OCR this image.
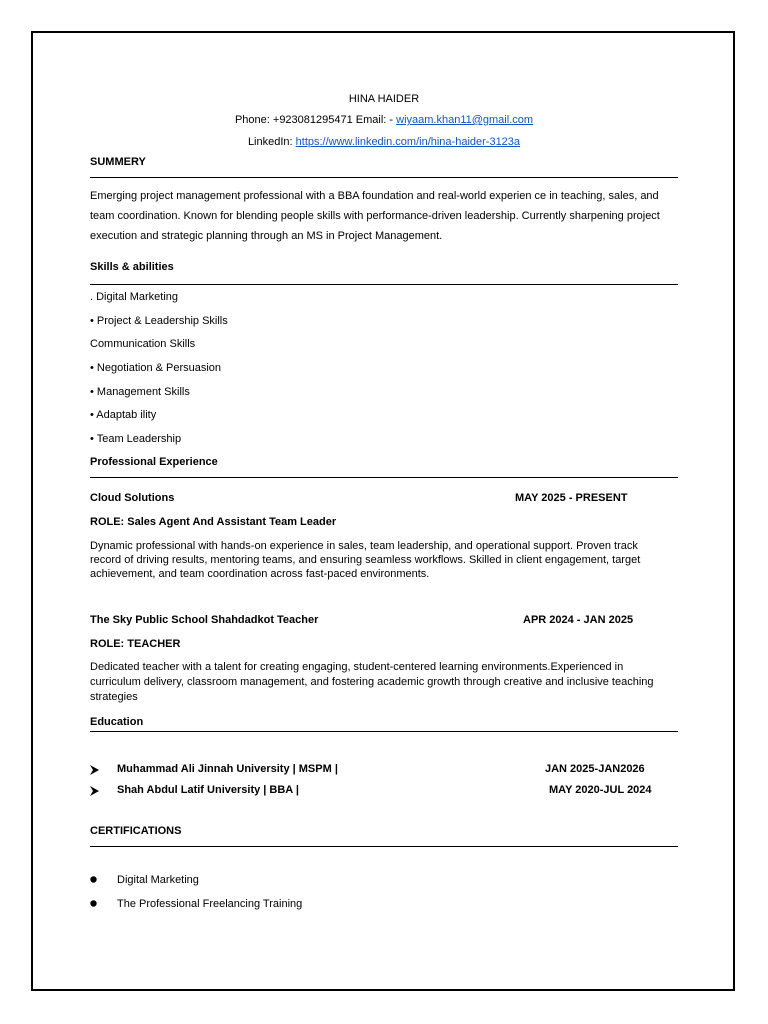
HINA HAIDER
Phone: +923081295471 Email: - wiyaam.khan11@gmail.com
LinkedIn: https://www.linkedin.com/in/hina-haider-3123a
SUMMERY
Emerging project management professional with a BBA foundation and real-world experien ce in teaching, sales, and
team coordination. Known for blending people skills with performance-driven leadership. Currently sharpening project
execution and strategic planning through an MS in Project Management.
Skills & abilities
. Digital Marketing
• Project & Leadership Skills
Communication Skills
• Negotiation & Persuasion
• Management Skills
• Adaptab ility
• Team Leadership
Professional Experience
Cloud Solutions	MAY 2025 - PRESENT
ROLE: Sales Agent And Assistant Team Leader
Dynamic professional with hands-on experience in sales, team leadership, and operational support. Proven track
record of driving results, mentoring teams, and ensuring seamless workflows. Skilled in client engagement, target
achievement, and team coordination across fast-paced environments.
The Sky Public School Shahdadkot Teacher	APR 2024 - JAN 2025
ROLE: TEACHER
Dedicated teacher with a talent for creating engaging, student-centered learning environments.Experienced in
curriculum delivery, classroom management, and fostering academic growth through creative and inclusive teaching
strategies
Education
Muhammad Ali Jinnah University | MSPM |	JAN 2025-JAN2026
Shah Abdul Latif University | BBA |	MAY 2020-JUL 2024
CERTIFICATIONS
Digital Marketing
The Professional Freelancing Training
